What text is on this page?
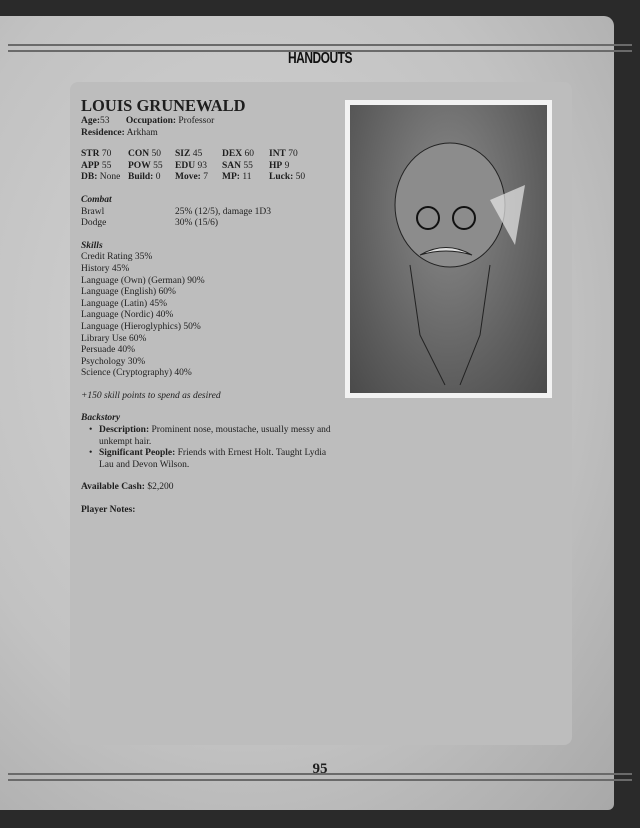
HANDOUTS
LOUIS GRUNEWALD
Age:53 Occupation: Professor
Residence: Arkham
STR 70	CON 50	SIZ 45	DEX 60	INT 70
APP 55	POW 55	EDU 93	SAN 55	HP 9
DB: None Build: 0	Move: 7	MP: 11	Luck: 50
Combat
Brawl	25% (12/5), damage 1D3
Dodge	30% (15/6)
Skills
Credit Rating 35%
History 45%
Language (Own) (German) 90%
Language (English) 60%
Language (Latin) 45%
Language (Nordic) 40%
Language (Hieroglyphics) 50%
Library Use 60%
Persuade 40%
Psychology 30%
Science (Cryptography) 40%
+150 skill points to spend as desired
Backstory
• Description: Prominent nose, moustache, usually messy and unkempt hair.
• Significant People: Friends with Ernest Holt. Taught Lydia Lau and Devon Wilson.
Available Cash: $2,200
Player Notes:
95
